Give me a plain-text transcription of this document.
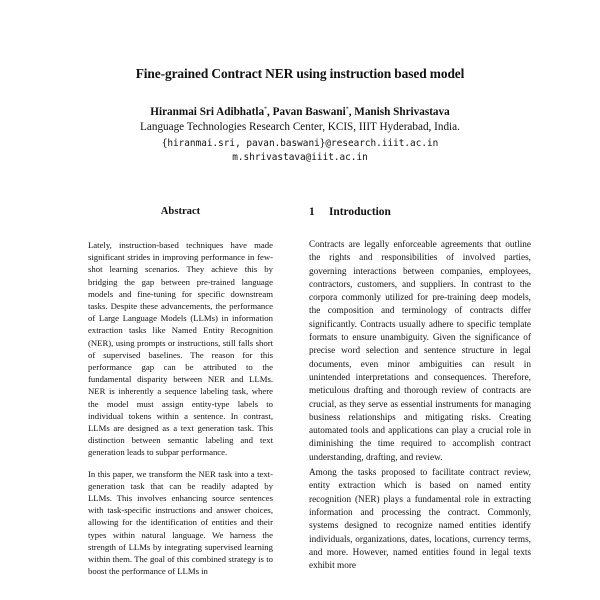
Fine-grained Contract NER using instruction based model
Hiranmai Sri Adibhatla*, Pavan Baswani*, Manish Shrivastava
Language Technologies Research Center, KCIS, IIIT Hyderabad, India.
{hiranmai.sri, pavan.baswani}@research.iiit.ac.in
m.shrivastava@iiit.ac.in
Abstract

Lately, instruction-based techniques have made significant strides in improving performance in few-shot learning scenarios. They achieve this by bridging the gap between pre-trained language models and fine-tuning for specific downstream tasks. Despite these advancements, the performance of Large Language Models (LLMs) in information extraction tasks like Named Entity Recognition (NER), using prompts or instructions, still falls short of supervised baselines. The reason for this performance gap can be attributed to the fundamental disparity between NER and LLMs. NER is inherently a sequence labeling task, where the model must assign entity-type labels to individual tokens within a sentence. In contrast, LLMs are designed as a text generation task. This distinction between semantic labeling and text generation leads to subpar performance.

In this paper, we transform the NER task into a text-generation task that can be readily adapted by LLMs. This involves enhancing source sentences with task-specific instructions and answer choices, allowing for the identification of entities and their types within natural language. We harness the strength of LLMs by integrating supervised learning within them. The goal of this combined strategy is to boost the performance of LLMs in

1 Introduction

Contracts are legally enforceable agreements that outline the rights and responsibilities of involved parties, governing interactions between companies, employees, contractors, customers, and suppliers. In contrast to the corpora commonly utilized for pre-training deep models, the composition and terminology of contracts differ significantly. Contracts usually adhere to specific template formats to ensure unambiguity. Given the significance of precise word selection and sentence structure in legal documents, even minor ambiguities can result in unintended interpretations and consequences. Therefore, meticulous drafting and thorough review of contracts are crucial, as they serve as essential instruments for managing business relationships and mitigating risks. Creating automated tools and applications can play a crucial role in diminishing the time required to accomplish contract understanding, drafting, and review.

Among the tasks proposed to facilitate contract review, entity extraction which is based on named entity recognition (NER) plays a fundamental role in extracting information and processing the contract. Commonly, systems designed to recognize named entities identify individuals, organizations, dates, locations, currency terms, and more. However, named entities found in legal texts exhibit more
